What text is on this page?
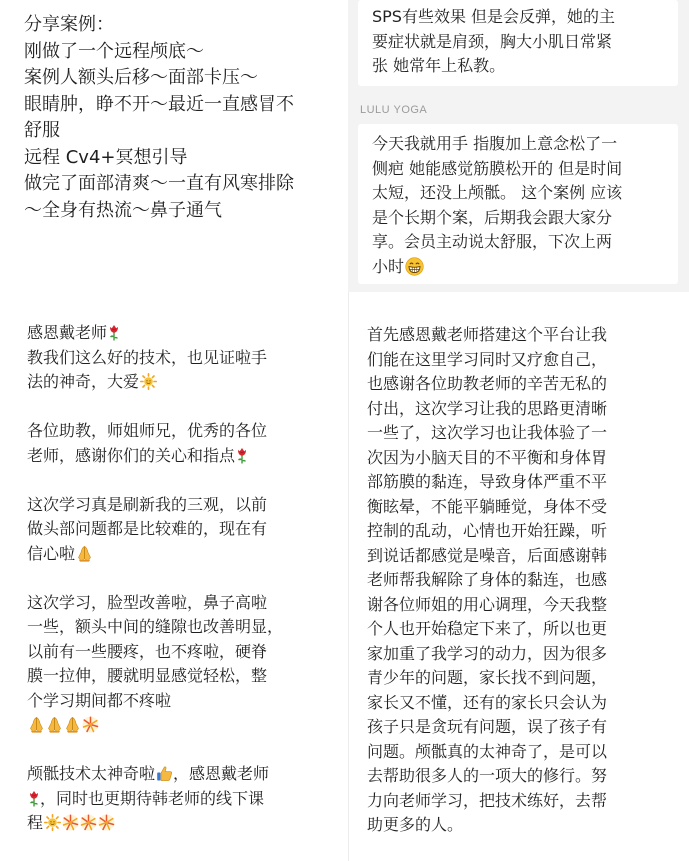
分享案例：
刚做了一个远程颅底～
案例人额头后移～面部卡压～
眼睛肿，睁不开～最近一直感冒不
舒服
远程 Cv4+冥想引导
做完了面部清爽～一直有风寒排除
～全身有热流～鼻子通气
SPS有些效果 但是会反弹，她的主
要症状就是肩颈，胸大小肌日常紧
张 她常年上私教。
LULU YOGA
今天我就用手 指腹加上意念松了一
侧疤 她能感觉筋膜松开的 但是时间
太短，还没上颅骶。 这个案例 应该
是个长期个案，后期我会跟大家分
享。会员主动说太舒服，下次上两
小时
感恩戴老师
教我们这么好的技术，也见证啦手
法的神奇，大爱
各位助教，师姐师兄，优秀的各位
老师，感谢你们的关心和指点
这次学习真是刷新我的三观，以前
做头部问题都是比较难的，现在有
信心啦
这次学习，脸型改善啦，鼻子高啦
一些，额头中间的缝隙也改善明显，
以前有一些腰疼，也不疼啦，硬脊
膜一拉伸，腰就明显感觉轻松，整
个学习期间都不疼啦
颅骶技术太神奇啦 ，感恩戴老师
，同时也更期待韩老师的线下课
程
首先感恩戴老师搭建这个平台让我
们能在这里学习同时又疗愈自己，
也感谢各位助教老师的辛苦无私的
付出，这次学习让我的思路更清晰
一些了，这次学习也让我体验了一
次因为小脑天目的不平衡和身体胃
部筋膜的黏连，导致身体严重不平
衡眩晕，不能平躺睡觉，身体不受
控制的乱动，心情也开始狂躁，听
到说话都感觉是噪音，后面感谢韩
老师帮我解除了身体的黏连，也感
谢各位师姐的用心调理，今天我整
个人也开始稳定下来了，所以也更
家加重了我学习的动力，因为很多
青少年的问题，家长找不到问题，
家长又不懂，还有的家长只会认为
孩子只是贪玩有问题，误了孩子有
问题。颅骶真的太神奇了，是可以
去帮助很多人的一项大的修行。努
力向老师学习，把技术练好，去帮
助更多的人。
